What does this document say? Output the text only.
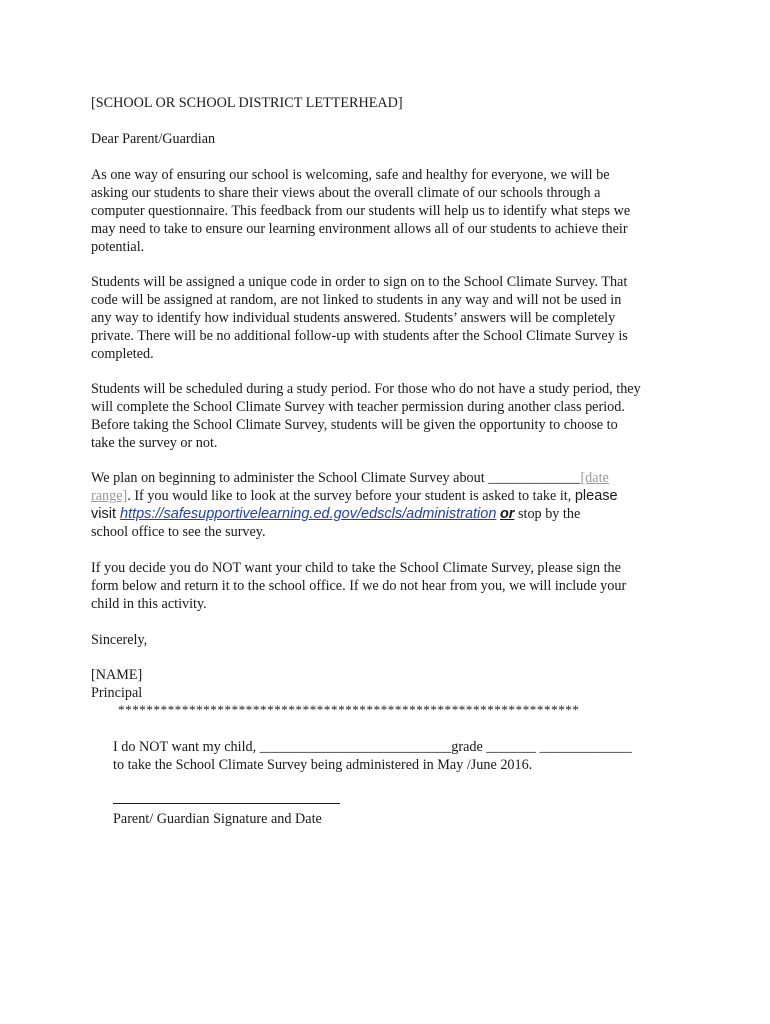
[SCHOOL OR SCHOOL DISTRICT LETTERHEAD]

Dear Parent/Guardian

As one way of ensuring our school is welcoming, safe and healthy for everyone, we will be
asking our students to share their views about the overall climate of our schools through a
computer questionnaire. This feedback from our students will help us to identify what steps we
may need to take to ensure our learning environment allows all of our students to achieve their
potential.

Students will be assigned a unique code in order to sign on to the School Climate Survey. That
code will be assigned at random, are not linked to students in any way and will not be used in
any way to identify how individual students answered. Students’ answers will be completely
private. There will be no additional follow-up with students after the School Climate Survey is
completed.

Students will be scheduled during a study period. For those who do not have a study period, they
will complete the School Climate Survey with teacher permission during another class period.
Before taking the School Climate Survey, students will be given the opportunity to choose to
take the survey or not.

We plan on beginning to administer the School Climate Survey about _____________[date
range]. If you would like to look at the survey before your student is asked to take it, please
visit https://safesupportivelearning.ed.gov/edscls/administration or stop by the
school office to see the survey.

If you decide you do NOT want your child to take the School Climate Survey, please sign the
form below and return it to the school office. If we do not hear from you, we will include your
child in this activity.

Sincerely,

[NAME]
Principal

*****************************************************************

I do NOT want my child, ___________________________grade _______ _____________
to take the School Climate Survey being administered in May /June 2016.

Parent/ Guardian Signature and Date
